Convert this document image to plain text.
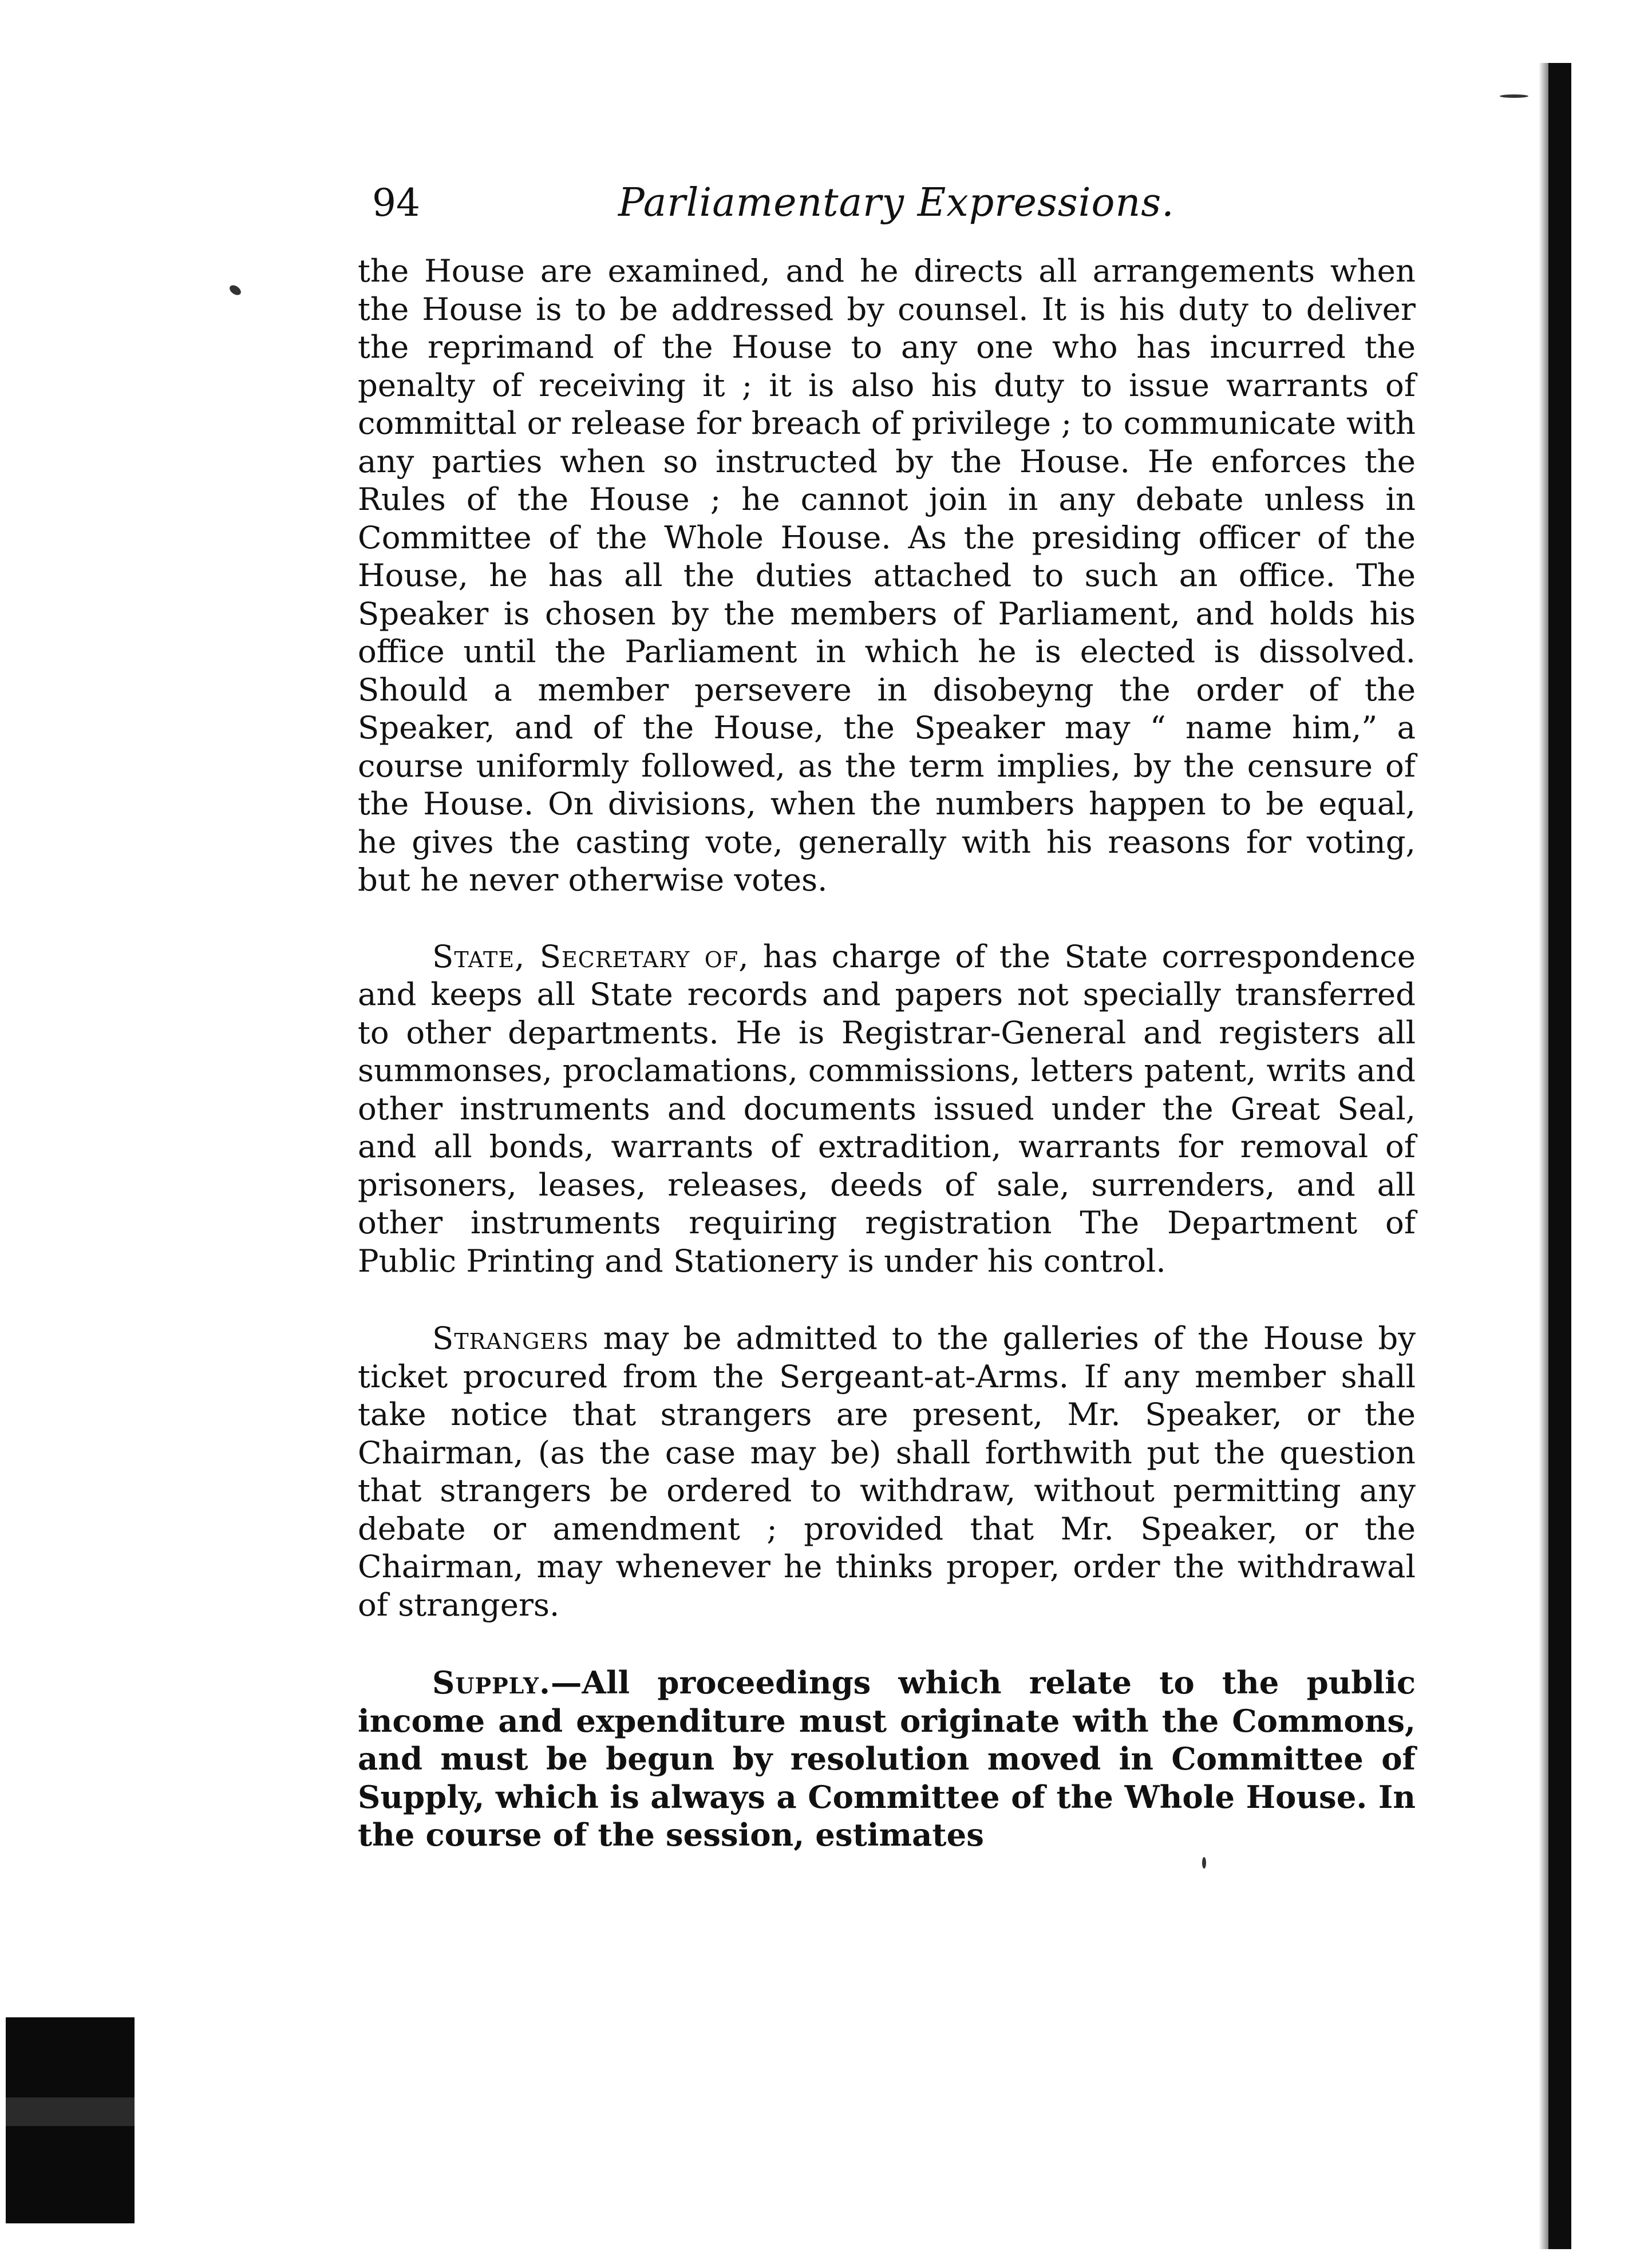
94	Parliamentary Expressions.

the House are examined, and he directs all arrangements when the House is to be addressed by counsel. It is his duty to deliver the reprimand of the House to any one who has incurred the penalty of receiving it ; it is also his duty to issue warrants of committal or release for breach of privilege ; to communicate with any parties when so instructed by the House. He enforces the Rules of the House ; he cannot join in any debate unless in Committee of the Whole House. As the presiding officer of the House, he has all the duties attached to such an office. The Speaker is chosen by the members of Parliament, and holds his office until the Parliament in which he is elected is dissolved. Should a member persevere in disobeyng the order of the Speaker, and of the House, the Speaker may “ name him,” a course uniformly followed, as the term implies, by the censure of the House. On divisions, when the numbers happen to be equal, he gives the casting vote, generally with his reasons for voting, but he never otherwise votes.

State, Secretary of, has charge of the State correspondence and keeps all State records and papers not specially transferred to other departments. He is Registrar-General and registers all summonses, proclamations, commissions, letters patent, writs and other instruments and documents issued under the Great Seal, and all bonds, warrants of extradition, warrants for removal of prisoners, leases, releases, deeds of sale, surrenders, and all other instruments requiring registration The Department of Public Printing and Stationery is under his control.

Strangers may be admitted to the galleries of the House by ticket procured from the Sergeant-at-Arms. If any member shall take notice that strangers are present, Mr. Speaker, or the Chairman, (as the case may be) shall forthwith put the question that strangers be ordered to withdraw, without permitting any debate or amendment ; provided that Mr. Speaker, or the Chairman, may whenever he thinks proper, order the withdrawal of strangers.

Supply.—All proceedings which relate to the public income and expenditure must originate with the Commons, and must be begun by resolution moved in Committee of Supply, which is always a Committee of the Whole House. In the course of the session, estimates
